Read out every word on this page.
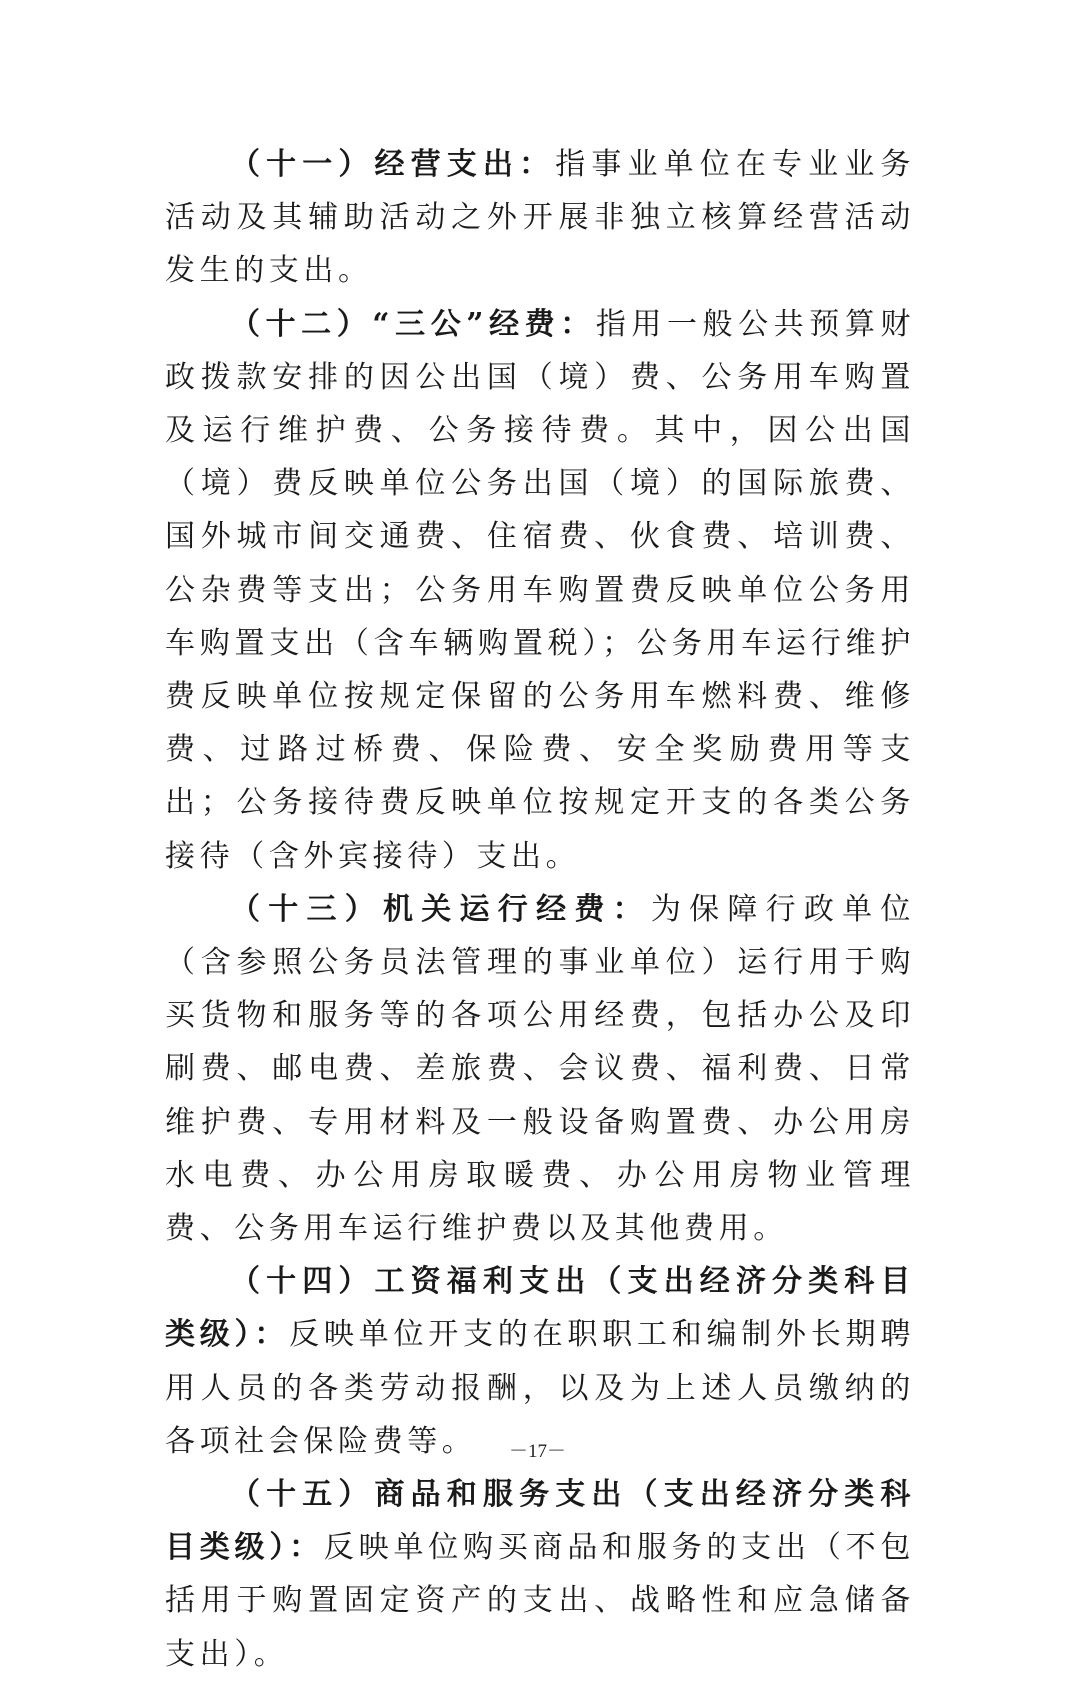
（十一）经营支出：指事业单位在专业业务活动及其辅助活动之外开展非独立核算经营活动发生的支出。

（十二）“三公”经费：指用一般公共预算财政拨款安排的因公出国（境）费、公务用车购置及运行维护费、公务接待费。其中，因公出国（境）费反映单位公务出国（境）的国际旅费、国外城市间交通费、住宿费、伙食费、培训费、公杂费等支出；公务用车购置费反映单位公务用车购置支出（含车辆购置税）；公务用车运行维护费反映单位按规定保留的公务用车燃料费、维修费、过路过桥费、保险费、安全奖励费用等支出；公务接待费反映单位按规定开支的各类公务接待（含外宾接待）支出。

（十三）机关运行经费：为保障行政单位（含参照公务员法管理的事业单位）运行用于购买货物和服务等的各项公用经费，包括办公及印刷费、邮电费、差旅费、会议费、福利费、日常维护费、专用材料及一般设备购置费、办公用房水电费、办公用房取暖费、办公用房物业管理费、公务用车运行维护费以及其他费用。

（十四）工资福利支出（支出经济分类科目类级）：反映单位开支的在职职工和编制外长期聘用人员的各类劳动报酬，以及为上述人员缴纳的各项社会保险费等。

（十五）商品和服务支出（支出经济分类科目类级）：反映单位购买商品和服务的支出（不包括用于购置固定资产的支出、战略性和应急储备支出）。

－17－
